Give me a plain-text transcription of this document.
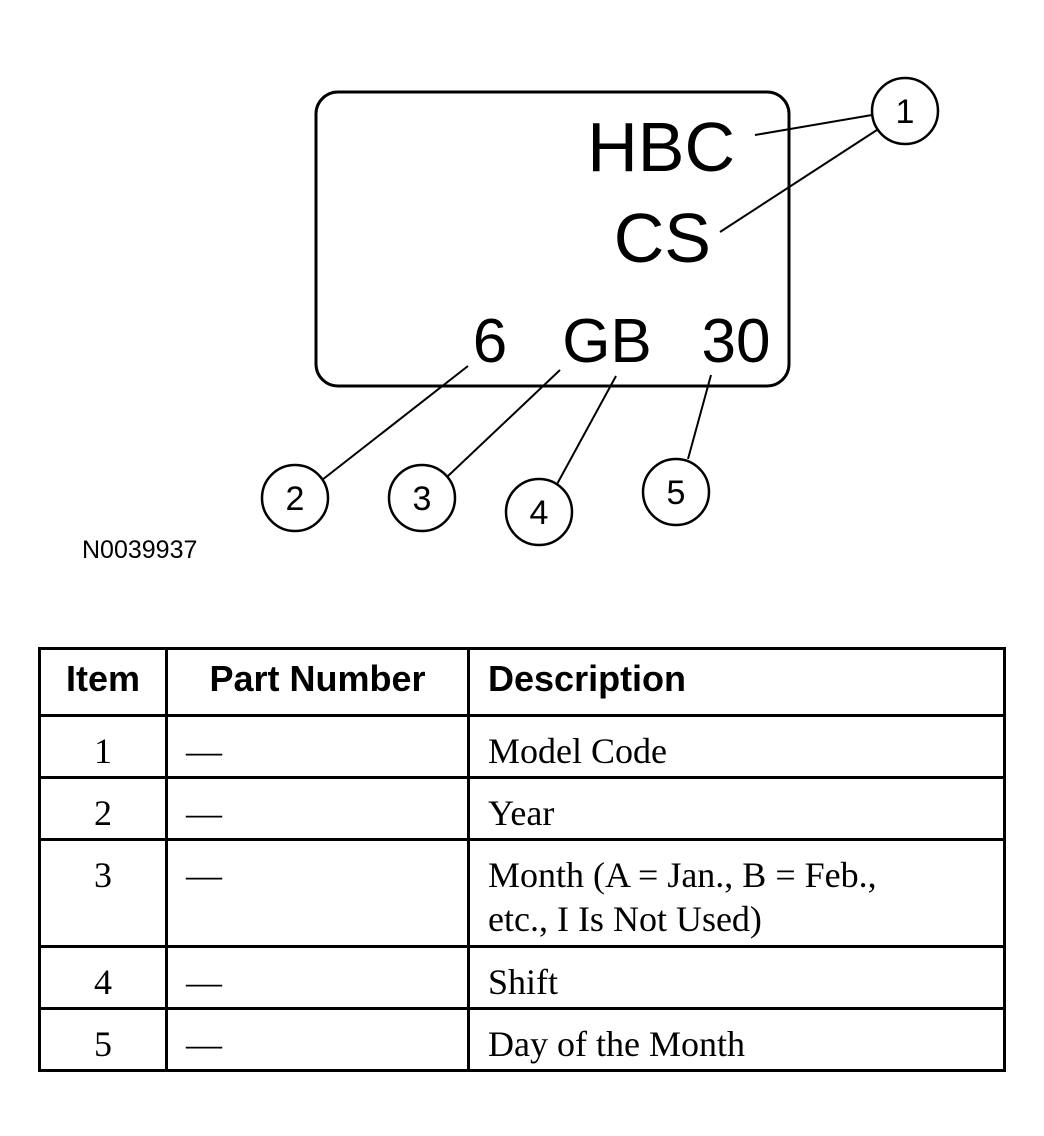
HBC
CS
6 GB 30
1
2	3	4
5
N0039937
Item	Part Number	Description
1	—	Model Code
2	—	Year
3	—	Month (A = Jan., B = Feb.,
etc., I Is Not Used)

4	—	Shift
5	—	Day of the Month
